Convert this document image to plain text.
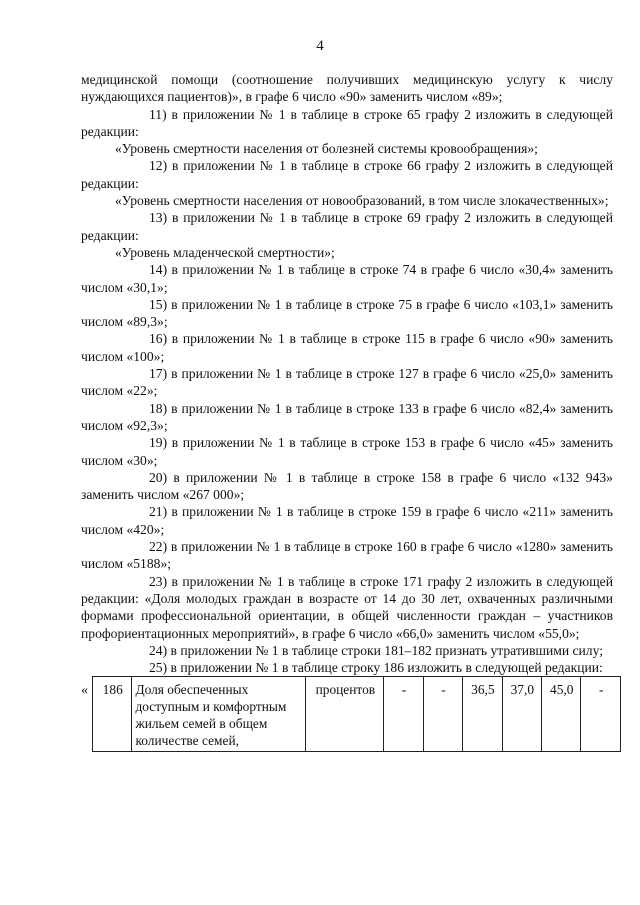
4

медицинской помощи (соотношение получивших медицинскую услугу к числу нуждающихся пациентов)», в графе 6 число «90» заменить числом «89»;

11) в приложении № 1 в таблице в строке 65 графу 2 изложить в следующей редакции:

«Уровень смертности населения от болезней системы кровообращения»;

12) в приложении № 1 в таблице в строке 66 графу 2 изложить в следующей редакции:

«Уровень смертности населения от новообразований, в том числе злокачественных»;

13) в приложении № 1 в таблице в строке 69 графу 2 изложить в следующей редакции:

«Уровень младенческой смертности»;

14) в приложении № 1 в таблице в строке 74 в графе 6 число «30,4» заменить числом «30,1»;

15) в приложении № 1 в таблице в строке 75 в графе 6 число «103,1» заменить числом «89,3»;

16) в приложении № 1 в таблице в строке 115 в графе 6 число «90» заменить числом «100»;

17) в приложении № 1 в таблице в строке 127 в графе 6 число «25,0» заменить числом «22»;

18) в приложении № 1 в таблице в строке 133 в графе 6 число «82,4» заменить числом «92,3»;

19) в приложении № 1 в таблице в строке 153 в графе 6 число «45» заменить числом «30»;

20) в приложении № 1 в таблице в строке 158 в графе 6 число «132 943» заменить числом «267 000»;

21) в приложении № 1 в таблице в строке 159 в графе 6 число «211» заменить числом «420»;

22) в приложении № 1 в таблице в строке 160 в графе 6 число «1280» заменить числом «5188»;

23) в приложении № 1 в таблице в строке 171 графу 2 изложить в следующей редакции: «Доля молодых граждан в возрасте от 14 до 30 лет, охваченных различными формами профессиональной ориентации, в общей численности граждан – участников профориентационных мероприятий», в графе 6 число «66,0» заменить числом «55,0»;

24) в приложении № 1 в таблице строки 181–182 признать утратившими силу;

25) в приложении № 1 в таблице строку 186 изложить в следующей редакции:

« 186	Доля обеспеченных доступным и комфортным жильем семей в общем количестве семей,	процентов	-	-	36,5	37,0	45,0	-
